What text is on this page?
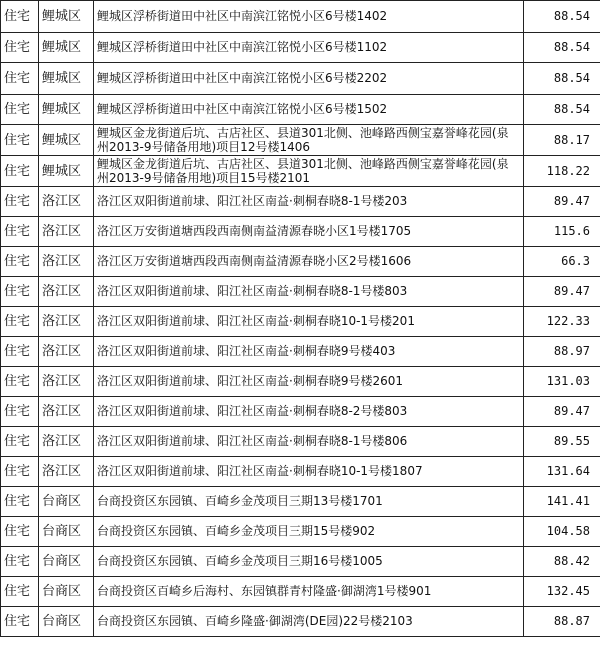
住宅	鲤城区	鲤城区浮桥街道田中社区中南滨江铭悦小区6号楼1402	88.54
住宅	鲤城区	鲤城区浮桥街道田中社区中南滨江铭悦小区6号楼1102	88.54
住宅	鲤城区	鲤城区浮桥街道田中社区中南滨江铭悦小区6号楼2202	88.54
住宅	鲤城区	鲤城区浮桥街道田中社区中南滨江铭悦小区6号楼1502	88.54
住宅	鲤城区	鲤城区金龙街道后坑、古店社区、县道301北侧、池峰路西侧宝嘉誉峰花园(泉州2013-9号储备用地)项目12号楼1406	88.17
住宅	鲤城区	鲤城区金龙街道后坑、古店社区、县道301北侧、池峰路西侧宝嘉誉峰花园(泉州2013-9号储备用地)项目15号楼2101	118.22
住宅	洛江区	洛江区双阳街道前埭、阳江社区南益·刺桐春晓8-1号楼203	89.47
住宅	洛江区	洛江区万安街道塘西段西南侧南益清源春晓小区1号楼1705	115.6
住宅	洛江区	洛江区万安街道塘西段西南侧南益清源春晓小区2号楼1606	66.3
住宅	洛江区	洛江区双阳街道前埭、阳江社区南益·刺桐春晓8-1号楼803	89.47
住宅	洛江区	洛江区双阳街道前埭、阳江社区南益·刺桐春晓10-1号楼201	122.33
住宅	洛江区	洛江区双阳街道前埭、阳江社区南益·刺桐春晓9号楼403	88.97
住宅	洛江区	洛江区双阳街道前埭、阳江社区南益·刺桐春晓9号楼2601	131.03
住宅	洛江区	洛江区双阳街道前埭、阳江社区南益·刺桐春晓8-2号楼803	89.47
住宅	洛江区	洛江区双阳街道前埭、阳江社区南益·刺桐春晓8-1号楼806	89.55
住宅	洛江区	洛江区双阳街道前埭、阳江社区南益·刺桐春晓10-1号楼1807	131.64
住宅	台商区	台商投资区东园镇、百崎乡金茂项目三期13号楼1701	141.41
住宅	台商区	台商投资区东园镇、百崎乡金茂项目三期15号楼902	104.58
住宅	台商区	台商投资区东园镇、百崎乡金茂项目三期16号楼1005	88.42
住宅	台商区	台商投资区百崎乡后海村、东园镇群青村隆盛·御湖湾1号楼901	132.45
住宅	台商区	台商投资区东园镇、百崎乡隆盛·御湖湾(DE园)22号楼2103	88.87
